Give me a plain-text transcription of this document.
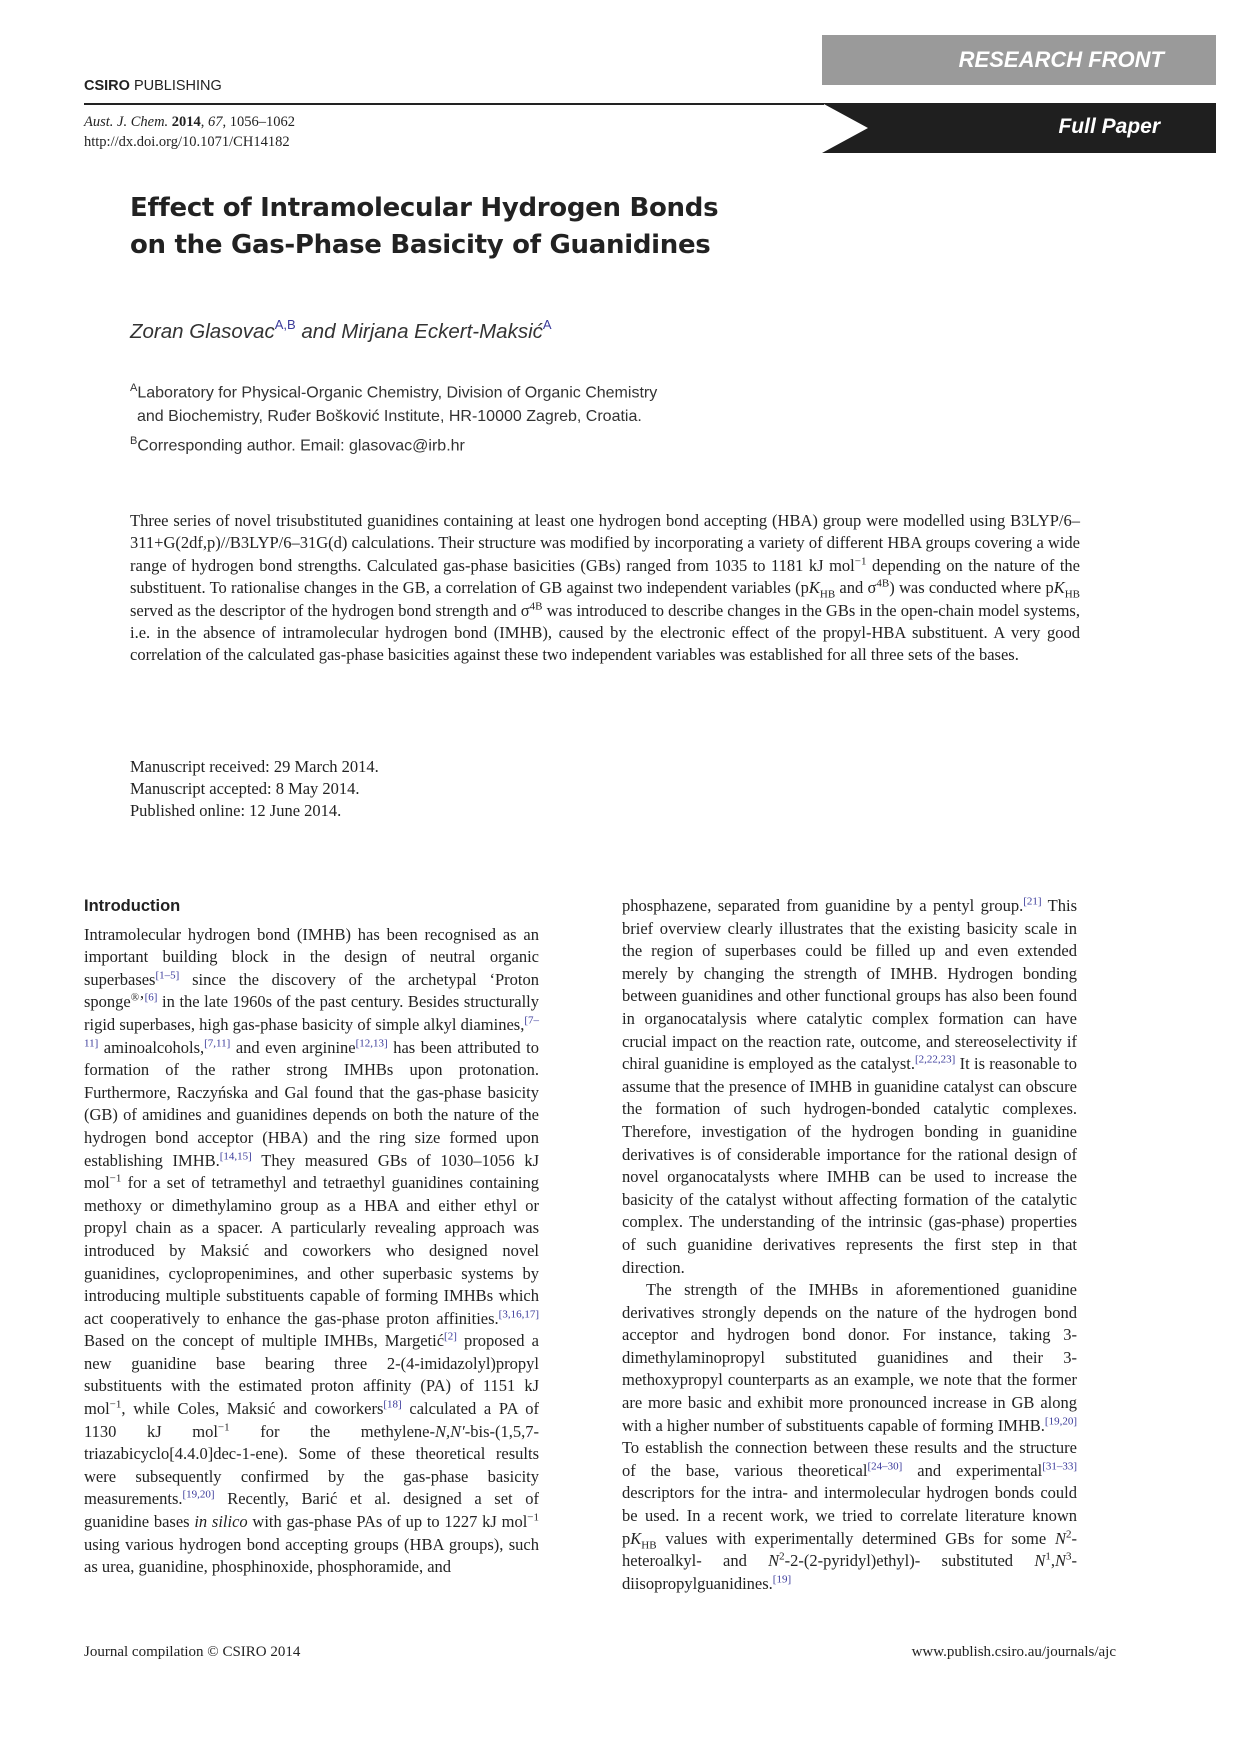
CSIRO PUBLISHING
RESEARCH FRONT
Full Paper
Aust. J. Chem. 2014, 67, 1056–1062
http://dx.doi.org/10.1071/CH14182
Effect of Intramolecular Hydrogen Bonds
on the Gas-Phase Basicity of Guanidines
Zoran Glasovac$^{A,B}$ and Mirjana Eckert-Maksić$^A$
$^A$Laboratory for Physical-Organic Chemistry, Division of Organic Chemistry
and Biochemistry, Ruđer Bošković Institute, HR-10000 Zagreb, Croatia.
$^B$Corresponding author. Email: glasovac@irb.hr
Three series of novel trisubstituted guanidines containing at least one hydrogen bond accepting (HBA) group were modelled using B3LYP/6–311+G(2df,p)//B3LYP/6–31G(d) calculations. Their structure was modified by incorporating a variety of different HBA groups covering a wide range of hydrogen bond strengths. Calculated gas-phase basicities (GBs) ranged from 1035 to 1181 kJ mol$^{-1}$ depending on the nature of the substituent. To rationalise changes in the GB, a correlation of GB against two independent variables ($pK_{HB}$ and $\sigma^{4B}$) was conducted where $pK_{HB}$ served as the descriptor of the hydrogen bond strength and $\sigma^{4B}$ was introduced to describe changes in the GBs in the open-chain model systems, i.e. in the absence of intramolecular hydrogen bond (IMHB), caused by the electronic effect of the propyl-HBA substituent. A very good correlation of the calculated gas-phase basicities against these two independent variables was established for all three sets of the bases.
Manuscript received: 29 March 2014.
Manuscript accepted: 8 May 2014.
Published online: 12 June 2014.
Introduction

Intramolecular hydrogen bond (IMHB) has been recognised as an important building block in the design of neutral organic superbases[1–5] since the discovery of the archetypal ‘Proton sponge®’[6] in the late 1960s of the past century. Besides structurally rigid superbases, high gas-phase basicity of simple alkyl diamines,[7–11] aminoalcohols,[7,11] and even arginine[12,13] has been attributed to formation of the rather strong IMHBs upon protonation. Furthermore, Raczyńska and Gal found that the gas-phase basicity (GB) of amidines and guanidines depends on both the nature of the hydrogen bond acceptor (HBA) and the ring size formed upon establishing IMHB.[14,15] They measured GBs of 1030–1056 kJ mol$^{-1}$ for a set of tetramethyl and tetraethyl guanidines containing methoxy or dimethylamino group as a HBA and either ethyl or propyl chain as a spacer. A particularly revealing approach was introduced by Maksić and coworkers who designed novel guanidines, cyclopropenimines, and other superbasic systems by introducing multiple substituents capable of forming IMHBs which act cooperatively to enhance the gas-phase proton affinities.[3,16,17] Based on the concept of multiple IMHBs, Margetić[2] proposed a new guanidine base bearing three 2-(4-imidazolyl)propyl substituents with the estimated proton affinity (PA) of 1151 kJ mol$^{-1}$, while Coles, Maksić and coworkers[18] calculated a PA of 1130 kJ mol$^{-1}$ for the methylene-N,N′-bis-(1,5,7-triazabicyclo[4.4.0]dec-1-ene). Some of these theoretical results were subsequently confirmed by the gas-phase basicity measurements.[19,20] Recently, Barić et al. designed a set of guanidine bases in silico with gas-phase PAs of up to 1227 kJ mol$^{-1}$ using various hydrogen bond accepting groups (HBA groups), such as urea, guanidine, phosphinoxide, phosphoramide, and

phosphazene, separated from guanidine by a pentyl group.[21] This brief overview clearly illustrates that the existing basicity scale in the region of superbases could be filled up and even extended merely by changing the strength of IMHB. Hydrogen bonding between guanidines and other functional groups has also been found in organocatalysis where catalytic complex formation can have crucial impact on the reaction rate, outcome, and stereoselectivity if chiral guanidine is employed as the catalyst.[2,22,23] It is reasonable to assume that the presence of IMHB in guanidine catalyst can obscure the formation of such hydrogen-bonded catalytic complexes. Therefore, investigation of the hydrogen bonding in guanidine derivatives is of considerable importance for the rational design of novel organocatalysts where IMHB can be used to increase the basicity of the catalyst without affecting formation of the catalytic complex. The understanding of the intrinsic (gas-phase) properties of such guanidine derivatives represents the first step in that direction.

The strength of the IMHBs in aforementioned guanidine derivatives strongly depends on the nature of the hydrogen bond acceptor and hydrogen bond donor. For instance, taking 3-dimethylaminopropyl substituted guanidines and their 3-methoxypropyl counterparts as an example, we note that the former are more basic and exhibit more pronounced increase in GB along with a higher number of substituents capable of forming IMHB.[19,20] To establish the connection between these results and the structure of the base, various theoretical[24–30] and experimental[31–33] descriptors for the intra- and intermolecular hydrogen bonds could be used. In a recent work, we tried to correlate literature known $pK_{HB}$ values with experimentally determined GBs for some $N^2-heteroalkyl-$ and $N^2-2-(2-pyridyl)ethyl)-$ substituted $N^1,N^3-diisopropylguanidines.[19]$

Journal compilation © CSIRO 2014	www.publish.csiro.au/journals/ajc
